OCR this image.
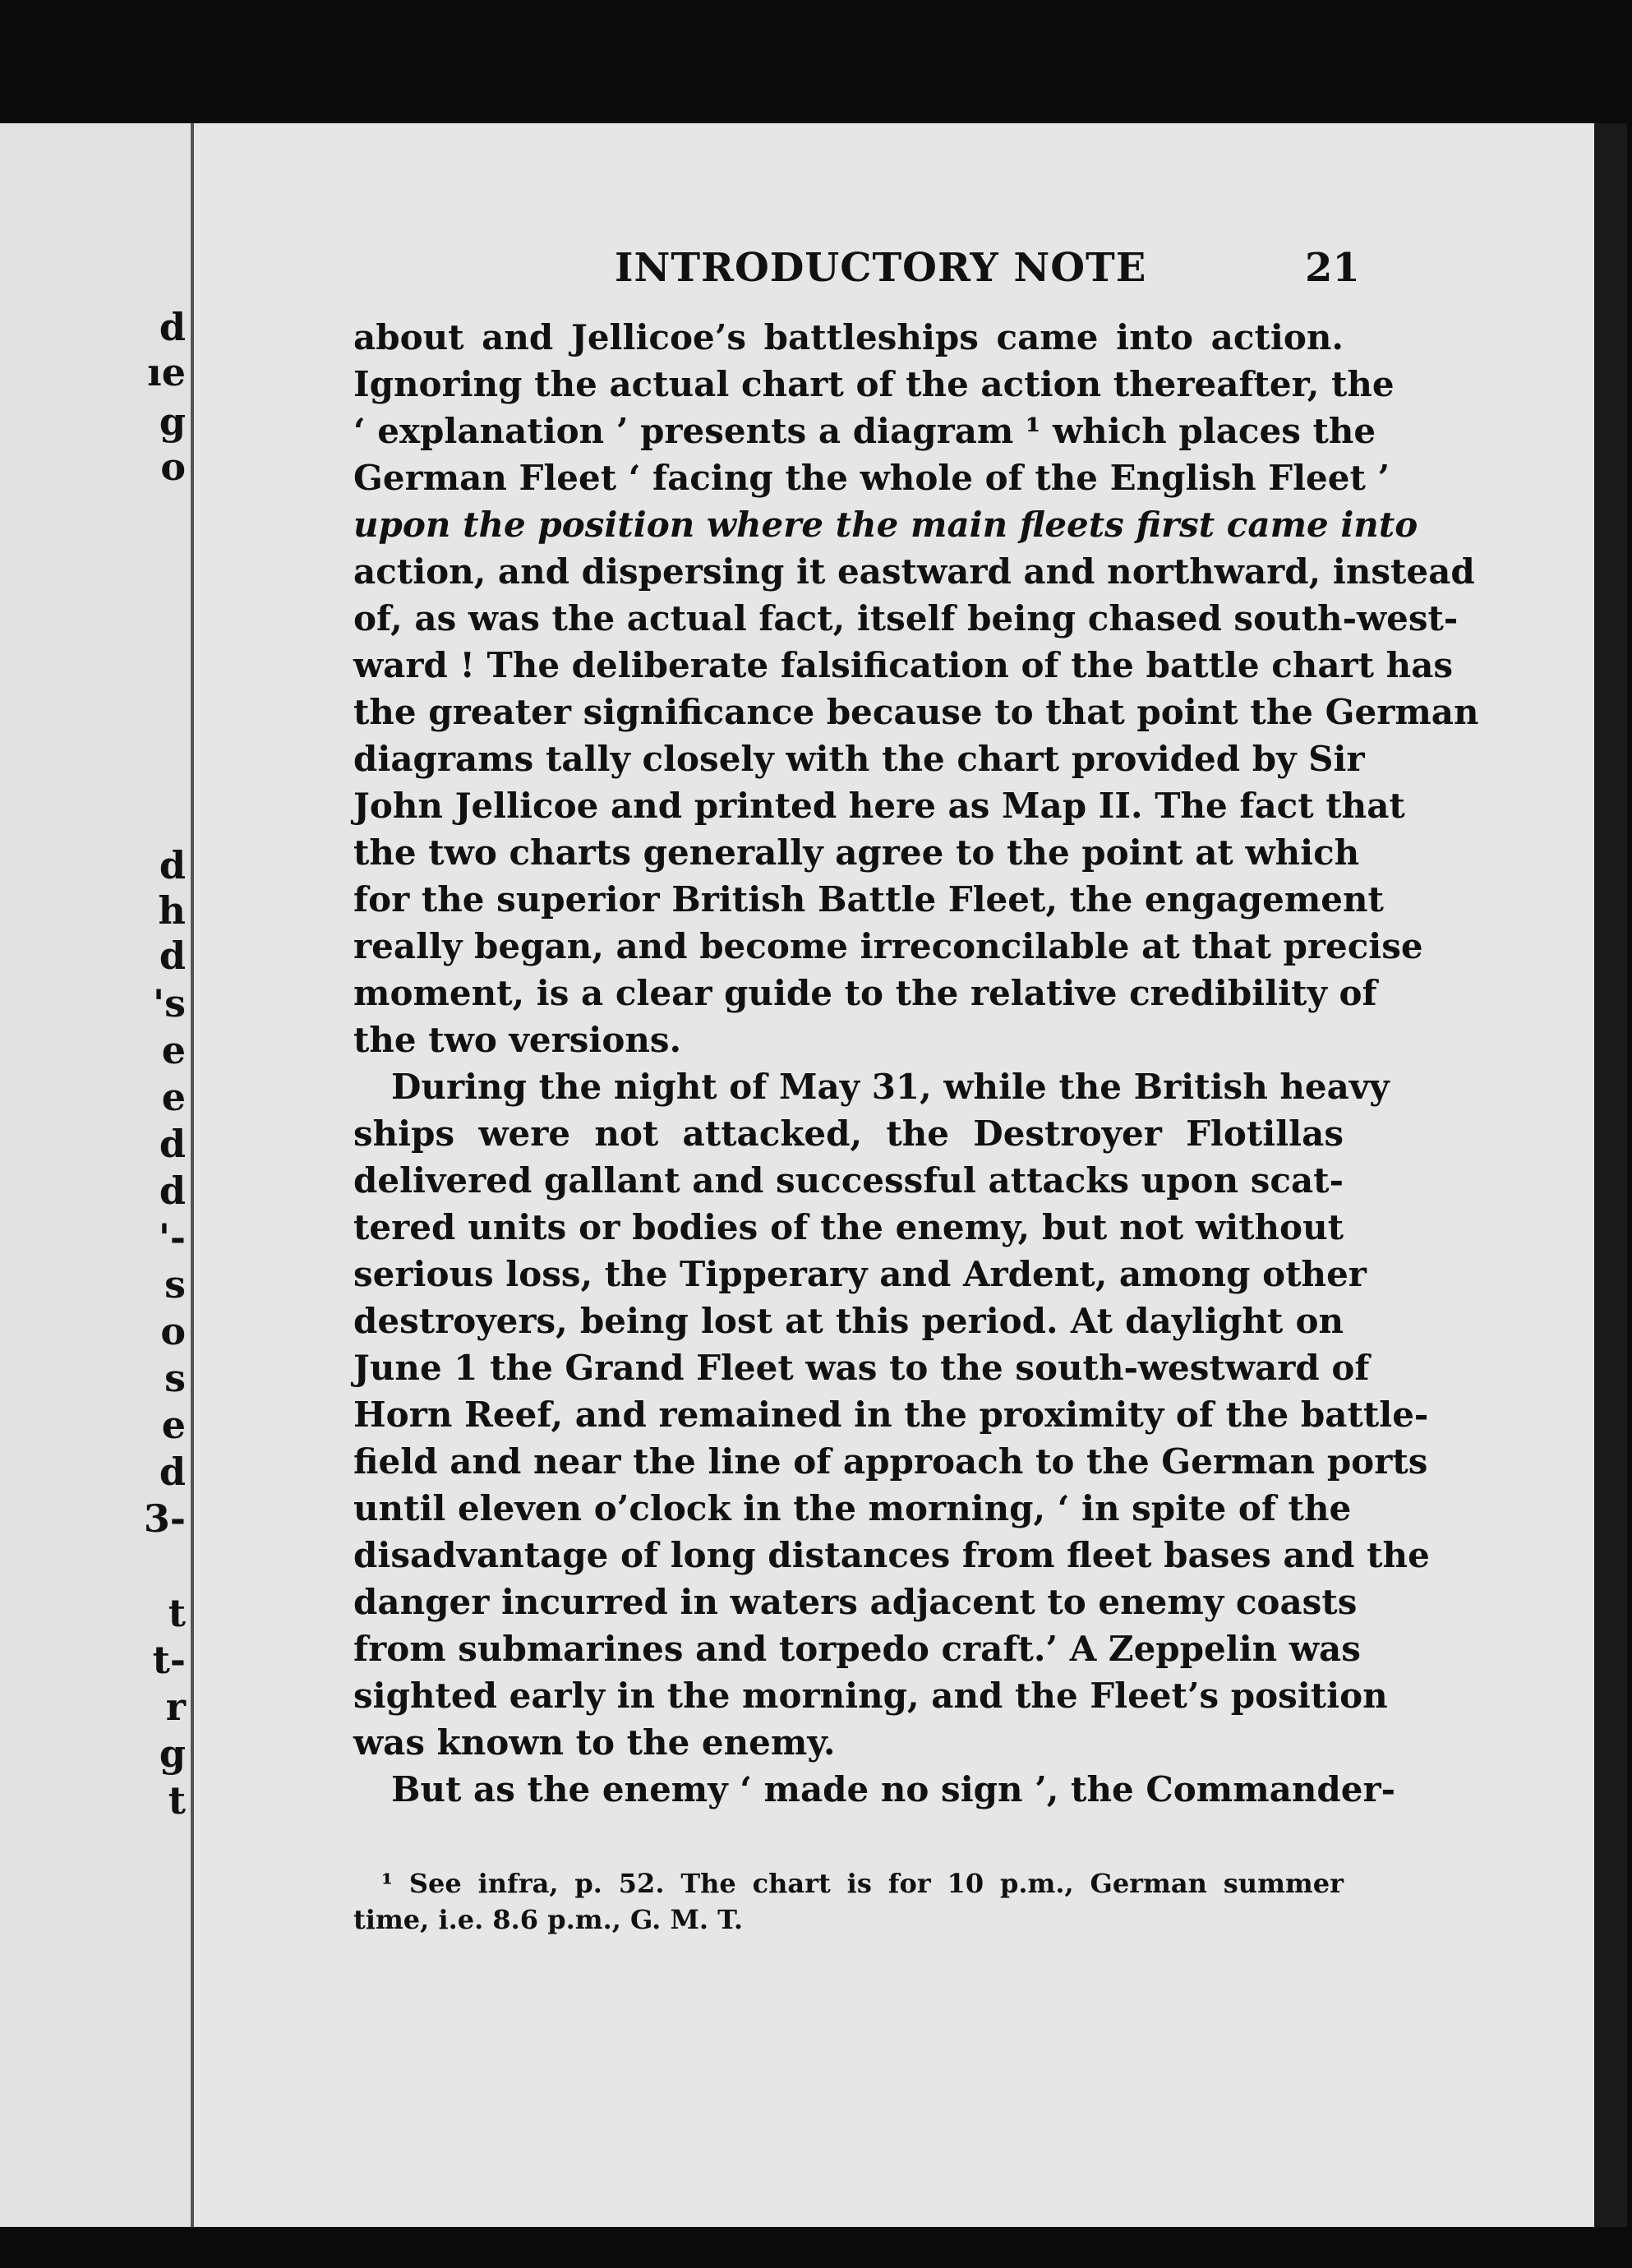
d
ıe
g
o
d
h
d
's
e
e
d
d
'-
s
o
s
e
d
3-
t
t-
r
g
t
INTRODUCTORY NOTE	21
about and Jellicoe’s battleships came into action.
Ignoring the actual chart of the action thereafter, the
‘ explanation ’ presents a diagram ¹ which places the
German Fleet ‘ facing the whole of the English Fleet ’
upon the position where the main fleets first came into
action, and dispersing it eastward and northward, instead
of, as was the actual fact, itself being chased south-west-
ward ! The deliberate falsification of the battle chart has
the greater significance because to that point the German
diagrams tally closely with the chart provided by Sir
John Jellicoe and printed here as Map II. The fact that
the two charts generally agree to the point at which
for the superior British Battle Fleet, the engagement
really began, and become irreconcilable at that precise
moment, is a clear guide to the relative credibility of
the two versions.
During the night of May 31, while the British heavy
ships were not attacked, the Destroyer Flotillas
delivered gallant and successful attacks upon scat-
tered units or bodies of the enemy, but not without
serious loss, the Tipperary and Ardent, among other
destroyers, being lost at this period. At daylight on
June 1 the Grand Fleet was to the south-westward of
Horn Reef, and remained in the proximity of the battle-
field and near the line of approach to the German ports
until eleven o’clock in the morning, ‘ in spite of the
disadvantage of long distances from fleet bases and the
danger incurred in waters adjacent to enemy coasts
from submarines and torpedo craft.’ A Zeppelin was
sighted early in the morning, and the Fleet’s position
was known to the enemy.
But as the enemy ‘ made no sign ’, the Commander-
¹ See infra, p. 52. The chart is for 10 p.m., German summer
time, i.e. 8.6 p.m., G. M. T.
